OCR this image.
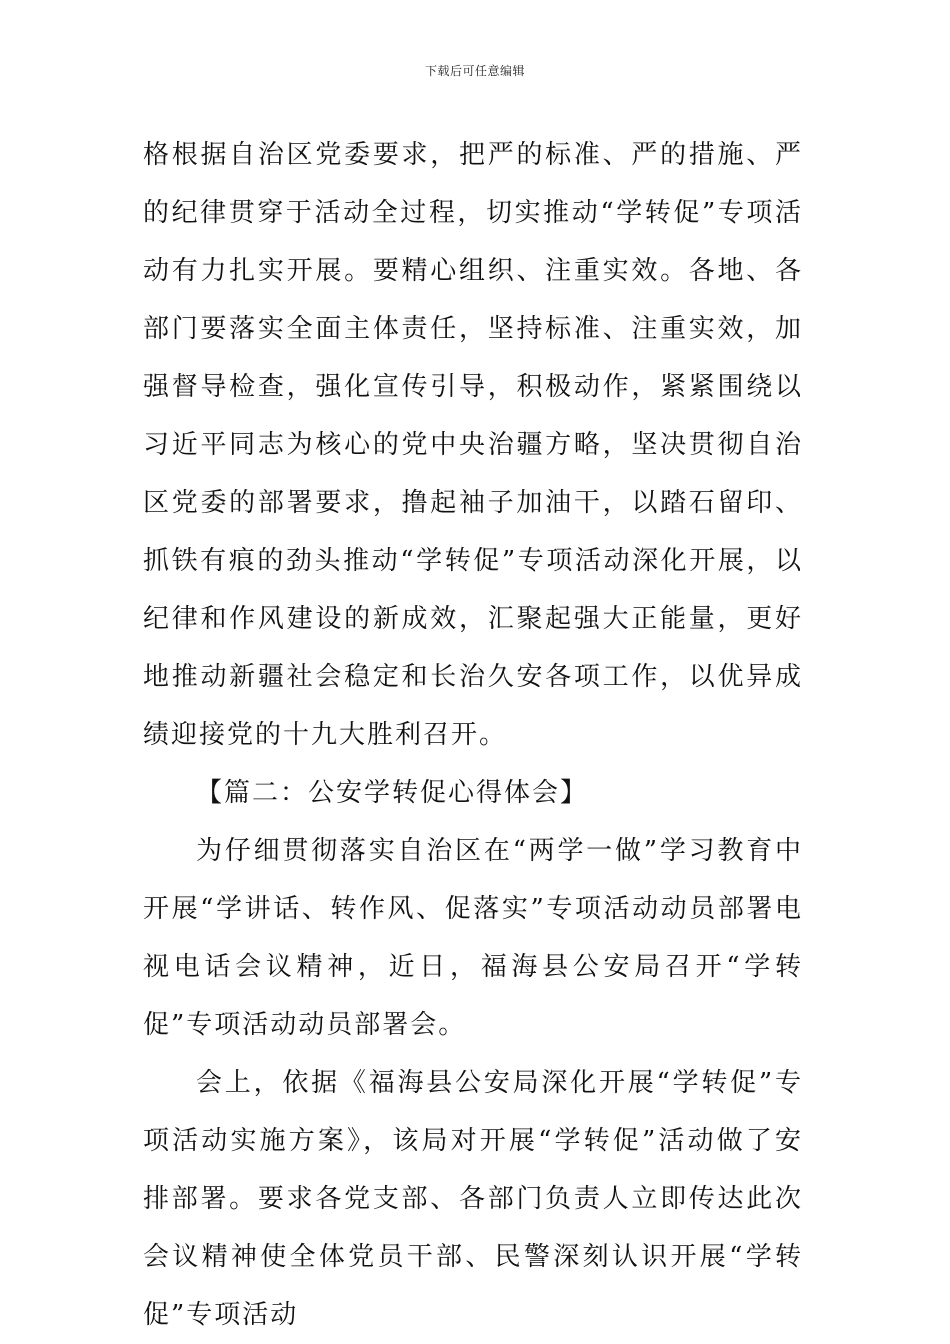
下载后可任意编辑

格根据自治区党委要求，把严的标准、严的措施、严的纪律贯穿于活动全过程，切实推动“学转促”专项活动有力扎实开展。要精心组织、注重实效。各地、各部门要落实全面主体责任，坚持标准、注重实效，加强督导检查，强化宣传引导，积极动作，紧紧围绕以习近平同志为核心的党中央治疆方略，坚决贯彻自治区党委的部署要求，撸起袖子加油干，以踏石留印、抓铁有痕的劲头推动“学转促”专项活动深化开展，以纪律和作风建设的新成效，汇聚起强大正能量，更好地推动新疆社会稳定和长治久安各项工作，以优异成绩迎接党的十九大胜利召开。

【篇二：公安学转促心得体会】

为仔细贯彻落实自治区在“两学一做”学习教育中开展“学讲话、转作风、促落实”专项活动动员部署电视电话会议精神，近日，福海县公安局召开“学转促”专项活动动员部署会。

会上，依据《福海县公安局深化开展“学转促”专项活动实施方案》，该局对开展“学转促”活动做了安排部署。要求各党支部、各部门负责人立即传达此次会议精神使全体党员干部、民警深刻认识开展“学转促”专项活动
